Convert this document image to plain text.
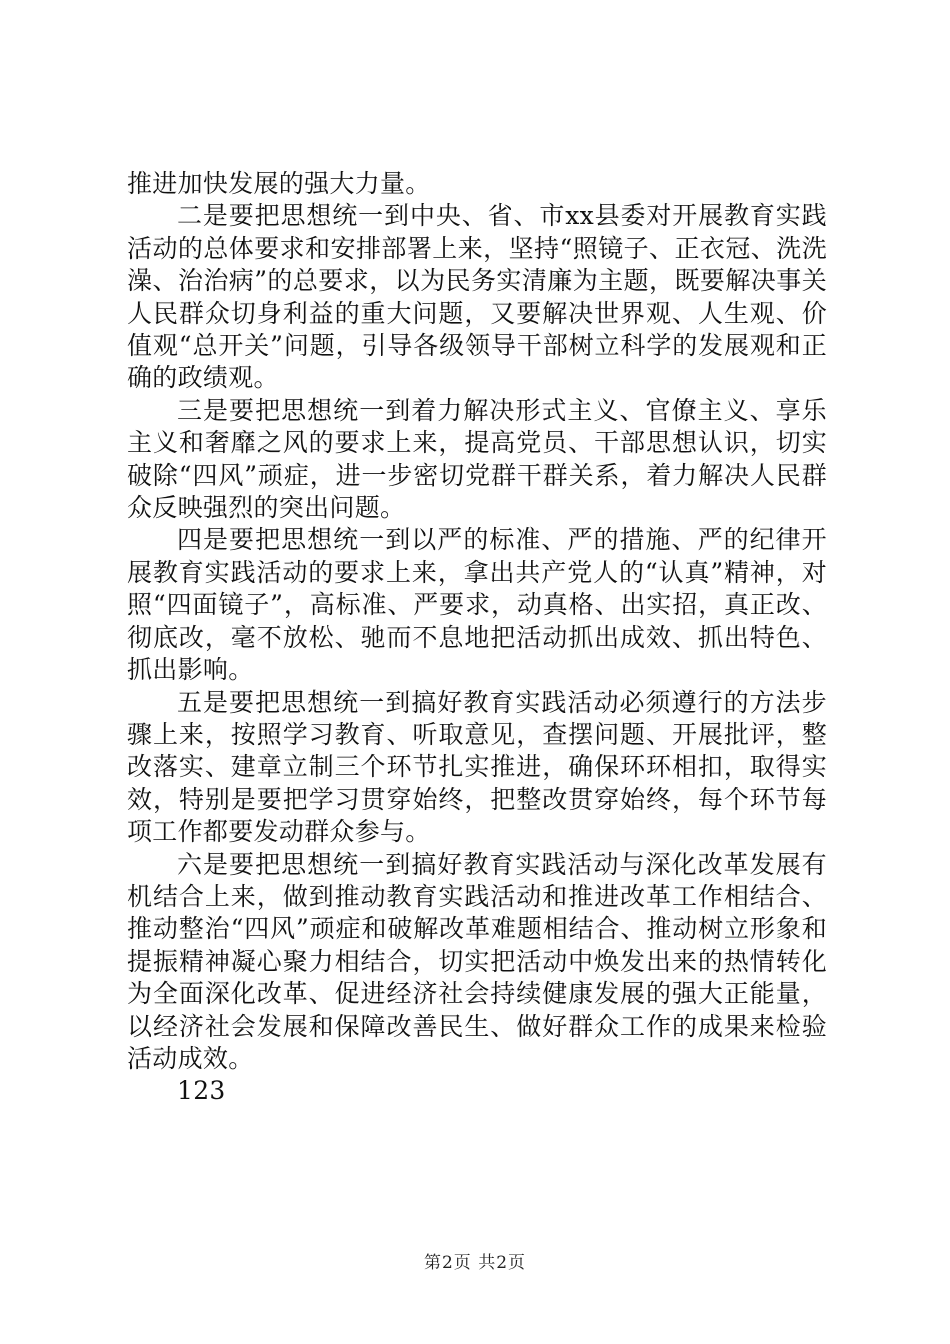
推进加快发展的强大力量。

二是要把思想统一到中央、省、市xx县委对开展教育实践活动的总体要求和安排部署上来，坚持“照镜子、正衣冠、洗洗澡、治治病”的总要求，以为民务实清廉为主题，既要解决事关人民群众切身利益的重大问题，又要解决世界观、人生观、价值观“总开关”问题，引导各级领导干部树立科学的发展观和正确的政绩观。

三是要把思想统一到着力解决形式主义、官僚主义、享乐主义和奢靡之风的要求上来，提高党员、干部思想认识，切实破除“四风”顽症，进一步密切党群干群关系，着力解决人民群众反映强烈的突出问题。

四是要把思想统一到以严的标准、严的措施、严的纪律开展教育实践活动的要求上来，拿出共产党人的“认真”精神，对照“四面镜子”，高标准、严要求，动真格、出实招，真正改、彻底改，毫不放松、驰而不息地把活动抓出成效、抓出特色、抓出影响。

五是要把思想统一到搞好教育实践活动必须遵行的方法步骤上来，按照学习教育、听取意见，查摆问题、开展批评，整改落实、建章立制三个环节扎实推进，确保环环相扣，取得实效，特别是要把学习贯穿始终，把整改贯穿始终，每个环节每项工作都要发动群众参与。

六是要把思想统一到搞好教育实践活动与深化改革发展有机结合上来，做到推动教育实践活动和推进改革工作相结合、推动整治“四风”顽症和破解改革难题相结合、推动树立形象和提振精神凝心聚力相结合，切实把活动中焕发出来的热情转化为全面深化改革、促进经济社会持续健康发展的强大正能量，以经济社会发展和保障改善民生、做好群众工作的成果来检验活动成效。

123

第2页 共2页
